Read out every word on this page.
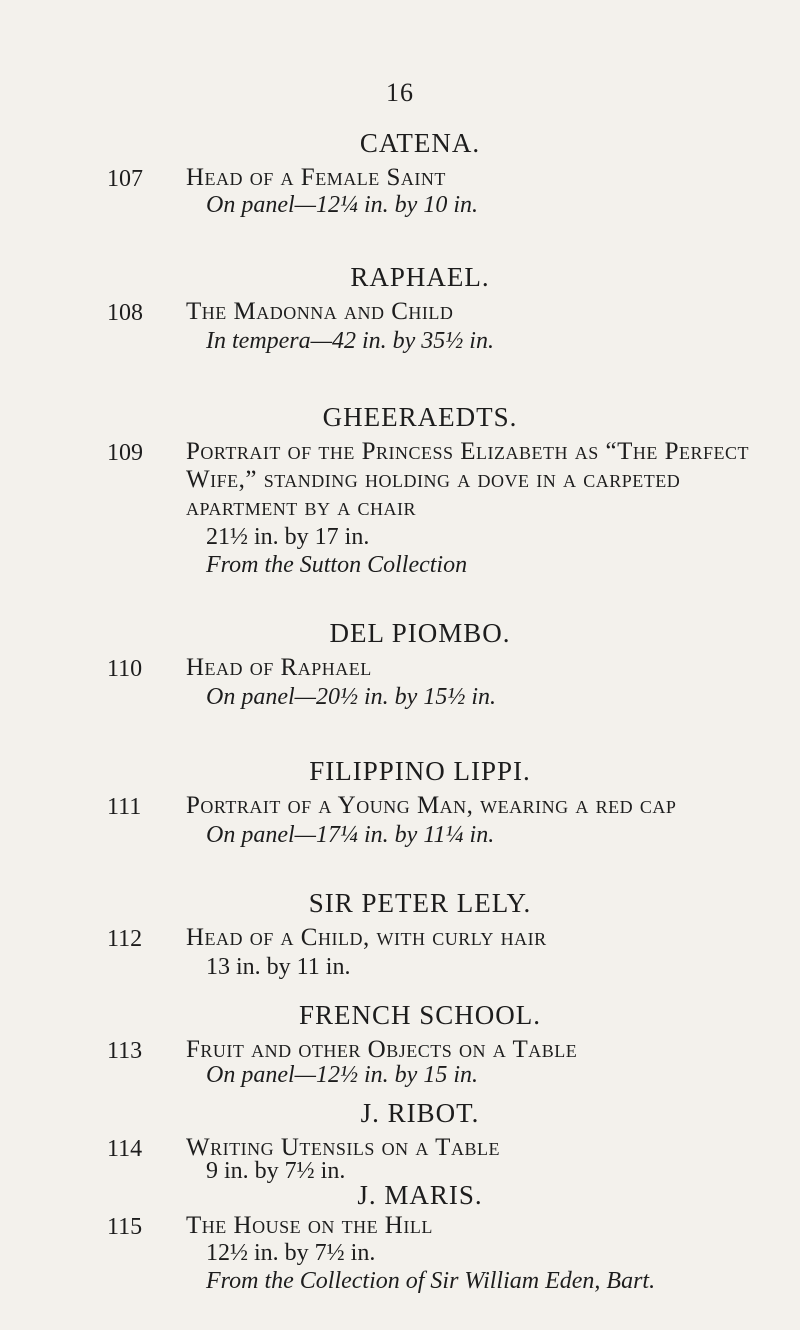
16
CATENA.
107 Head of a Female Saint
On panel—12¼ in. by 10 in.
RAPHAEL.
108 The Madonna and Child
In tempera—42 in. by 35½ in.
GHEERAEDTS.
109 Portrait of the Princess Elizabeth as “The Perfect Wife,” standing holding a dove in a carpeted apartment by a chair
21½ in. by 17 in.
From the Sutton Collection
DEL PIOMBO.
110 Head of Raphael
On panel—20½ in. by 15½ in.
FILIPPINO LIPPI.
111 Portrait of a Young Man, wearing a red cap
On panel—17¼ in. by 11¼ in.
SIR PETER LELY.
112 Head of a Child, with curly hair
13 in. by 11 in.
FRENCH SCHOOL.
113 Fruit and other Objects on a Table
On panel—12½ in. by 15 in.
J. RIBOT.
114 Writing Utensils on a Table
9 in. by 7½ in.
J. MARIS.
115 The House on the Hill
12½ in. by 7½ in.
From the Collection of Sir William Eden, Bart.
